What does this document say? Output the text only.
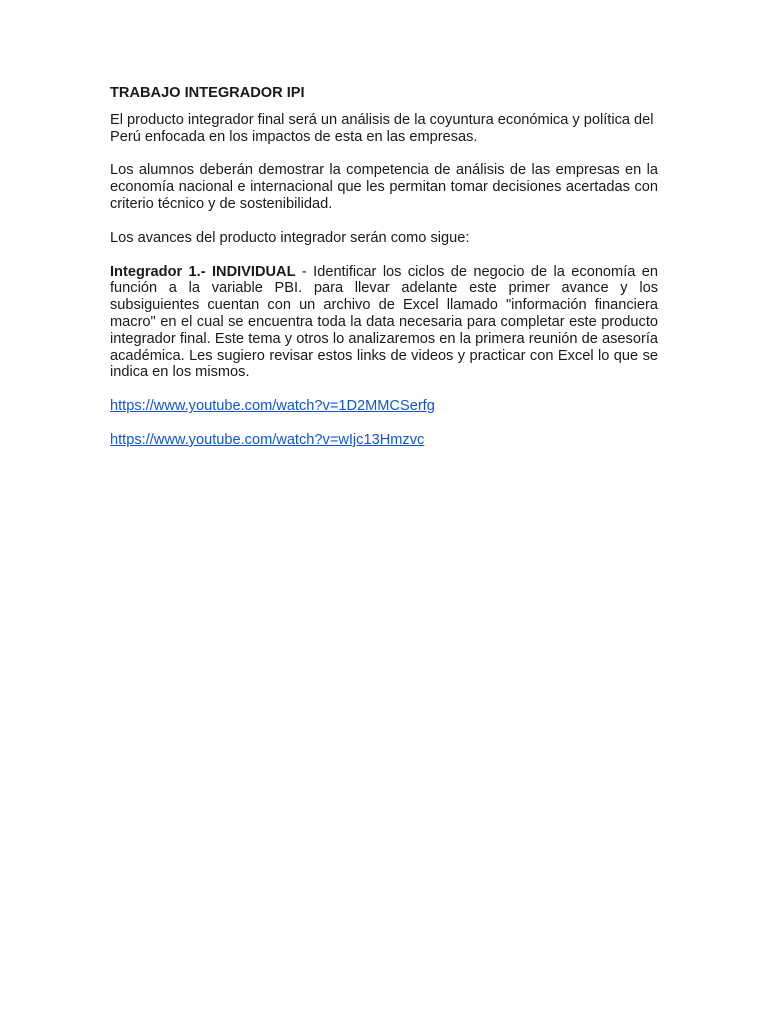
TRABAJO INTEGRADOR IPI

El producto integrador final será un análisis de la coyuntura económica y política del Perú enfocada en los impactos de esta en las empresas.

Los alumnos deberán demostrar la competencia de análisis de las empresas en la economía nacional e internacional que les permitan tomar decisiones acertadas con criterio técnico y de sostenibilidad.

Los avances del producto integrador serán como sigue:

Integrador 1.- INDIVIDUAL - Identificar los ciclos de negocio de la economía en función a la variable PBI. para llevar adelante este primer avance y los subsiguientes cuentan con un archivo de Excel llamado "información financiera macro" en el cual se encuentra toda la data necesaria para completar este producto integrador final. Este tema y otros lo analizaremos en la primera reunión de asesoría académica. Les sugiero revisar estos links de videos y practicar con Excel lo que se indica en los mismos.

https://www.youtube.com/watch?v=1D2MMCSerfg
https://www.youtube.com/watch?v=wIjc13Hmzvc
